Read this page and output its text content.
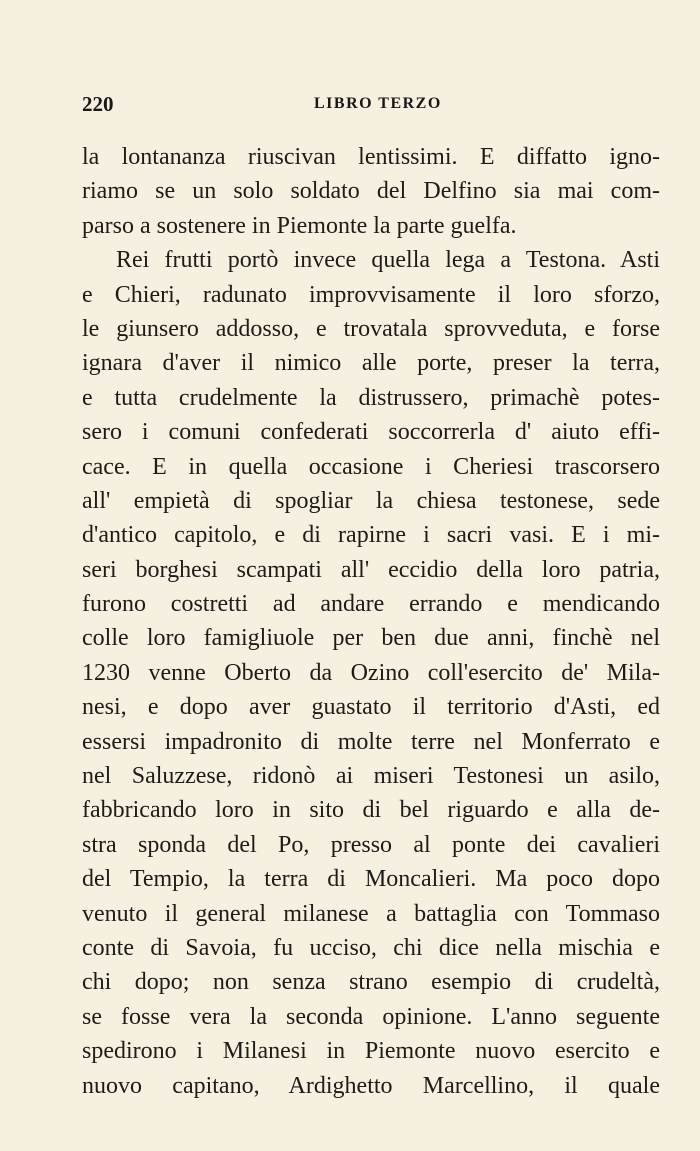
220	LIBRO TERZO
la lontananza riuscivan lentissimi. E diffatto igno-
riamo se un solo soldato del Delfino sia mai com-
parso a sostenere in Piemonte la parte guelfa.
Rei frutti portò invece quella lega a Testona. Asti
e Chieri, radunato improvvisamente il loro sforzo,
le giunsero addosso, e trovatala sprovveduta, e forse
ignara d'aver il nimico alle porte, preser la terra,
e tutta crudelmente la distrussero, primachè potes-
sero i comuni confederati soccorrerla d' aiuto effi-
cace. E in quella occasione i Cheriesi trascorsero
all' empietà di spogliar la chiesa testonese, sede
d'antico capitolo, e di rapirne i sacri vasi. E i mi-
seri borghesi scampati all' eccidio della loro patria,
furono costretti ad andare errando e mendicando
colle loro famigliuole per ben due anni, finchè nel
1230 venne Oberto da Ozino coll'esercito de' Mila-
nesi, e dopo aver guastato il territorio d'Asti, ed
essersi impadronito di molte terre nel Monferrato e
nel Saluzzese, ridonò ai miseri Testonesi un asilo,
fabbricando loro in sito di bel riguardo e alla de-
stra sponda del Po, presso al ponte dei cavalieri
del Tempio, la terra di Moncalieri. Ma poco dopo
venuto il general milanese a battaglia con Tommaso
conte di Savoia, fu ucciso, chi dice nella mischia e
chi dopo; non senza strano esempio di crudeltà,
se fosse vera la seconda opinione. L'anno seguente
spedirono i Milanesi in Piemonte nuovo esercito e
nuovo capitano, Ardighetto Marcellino, il quale
